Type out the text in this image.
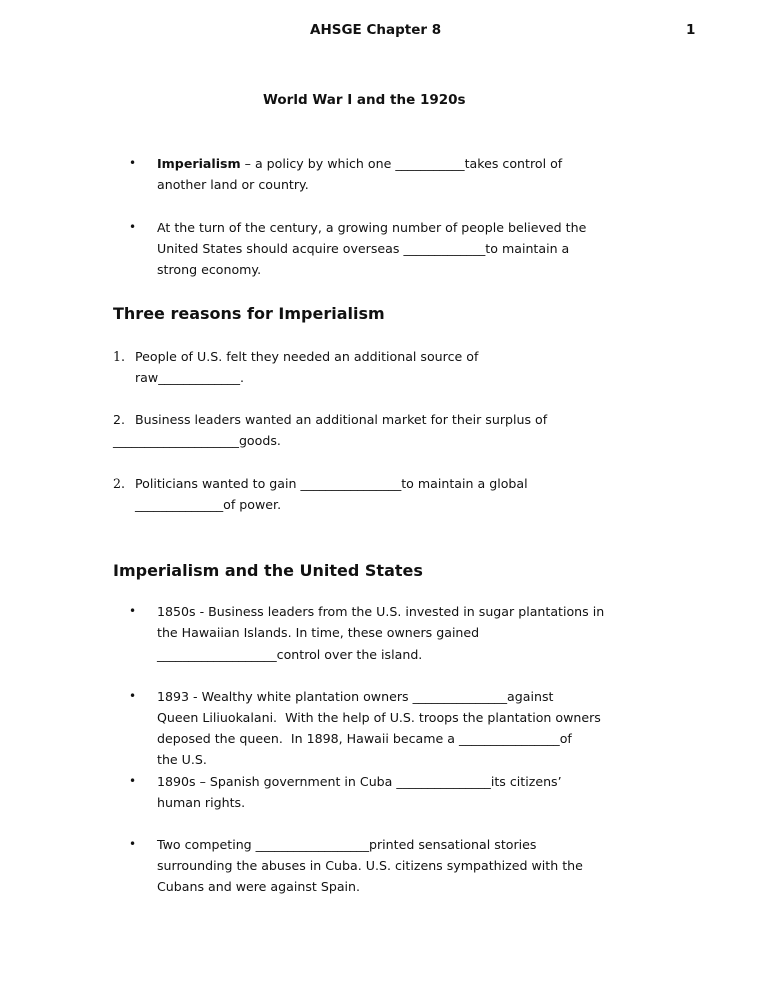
AHSGE Chapter 8	1
World War I and the 1920s
• Imperialism – a policy by which one ___________takes control of
another land or country.
• At the turn of the century, a growing number of people believed the
United States should acquire overseas _____________to maintain a
strong economy.
Three reasons for Imperialism
1. People of U.S. felt they needed an additional source of
raw_____________.
2. Business leaders wanted an additional market for their surplus of
____________________goods.
2. Politicians wanted to gain ________________to maintain a global
______________of power.
Imperialism and the United States
• 1850s - Business leaders from the U.S. invested in sugar plantations in
the Hawaiian Islands. In time, these owners gained
___________________control over the island.
• 1893 - Wealthy white plantation owners _______________against
Queen Liliuokalani.  With the help of U.S. troops the plantation owners
deposed the queen.  In 1898, Hawaii became a ________________of
the U.S.
• 1890s – Spanish government in Cuba _______________its citizens’
human rights.
• Two competing __________________printed sensational stories
surrounding the abuses in Cuba. U.S. citizens sympathized with the
Cubans and were against Spain.
